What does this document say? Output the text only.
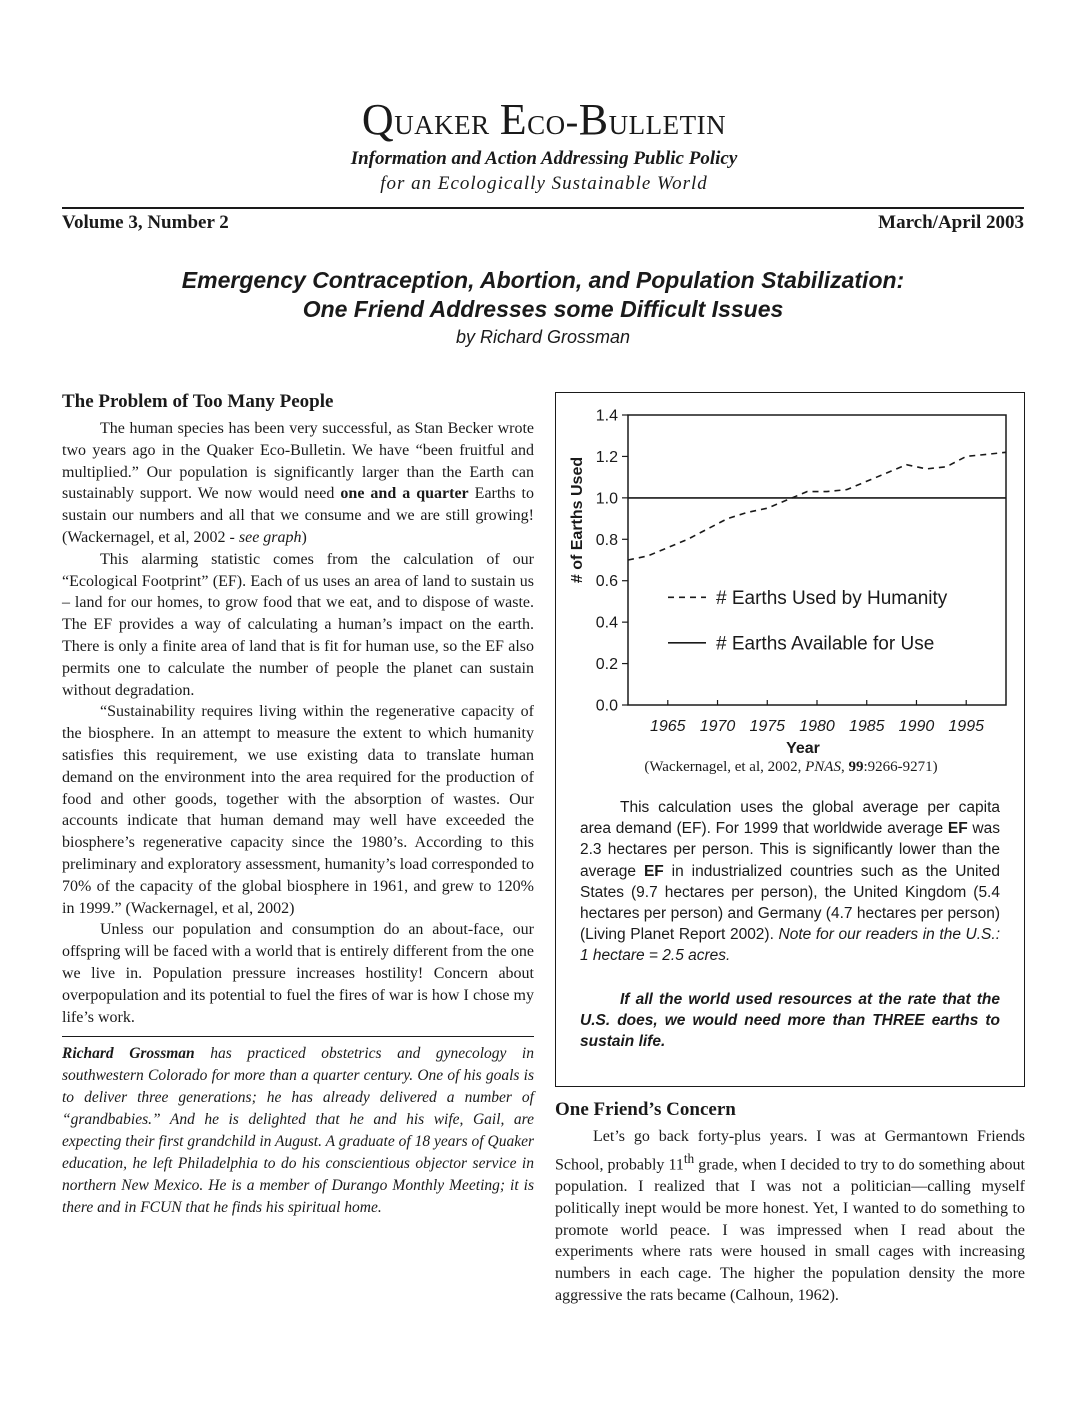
Quaker Eco-Bulletin
Information and Action Addressing Public Policy
for an Ecologically Sustainable World
Volume 3, Number 2	March/April 2003
Emergency Contraception, Abortion, and Population Stabilization:
One Friend Addresses some Difficult Issues
by Richard Grossman
The Problem of Too Many People

The human species has been very successful, as Stan Becker wrote two years ago in the Quaker Eco-Bulletin. We have “been fruitful and multiplied.” Our population is significantly larger than the Earth can sustainably support. We now would need one and a quarter Earths to sustain our numbers and all that we consume and we are still growing! (Wackernagel, et al, 2002 - see graph)

This alarming statistic comes from the calculation of our “Ecological Footprint” (EF). Each of us uses an area of land to sustain us – land for our homes, to grow food that we eat, and to dispose of waste. The EF provides a way of calculating a human’s impact on the earth. There is only a finite area of land that is fit for human use, so the EF also permits one to calculate the number of people the planet can sustain without degradation.

“Sustainability requires living within the regenerative capacity of the biosphere. In an attempt to measure the extent to which humanity satisfies this requirement, we use existing data to translate human demand on the environment into the area required for the production of food and other goods, together with the absorption of wastes. Our accounts indicate that human demand may well have exceeded the biosphere’s regenerative capacity since the 1980’s. According to this preliminary and exploratory assessment, humanity’s load corresponded to 70% of the capacity of the global biosphere in 1961, and grew to 120% in 1999.” (Wackernagel, et al, 2002)

Unless our population and consumption do an about-face, our offspring will be faced with a world that is entirely different from the one we live in. Population pressure increases hostility! Concern about overpopulation and its potential to fuel the fires of war is how I chose my life’s work.

Richard Grossman has practiced obstetrics and gynecology in southwestern Colorado for more than a quarter century. One of his goals is to deliver three generations; he has already delivered a number of “grandbabies.” And he is delighted that he and his wife, Gail, are expecting their first grandchild in August. A graduate of 18 years of Quaker education, he left Philadelphia to do his conscientious objector service in northern New Mexico. He is a member of Durango Monthly Meeting; it is there and in FCUN that he finds his spiritual home.

0.0
0.2
0.4
0.6
0.8
1.0
1.2
1.4
1965 1970 1975 1980 1985 1990 1995
Year
# of Earths Used
# Earths Used by Humanity
# Earths Available for Use
(Wackernagel, et al, 2002, PNAS, 99:9266-9271)

This calculation uses the global average per capita area demand (EF). For 1999 that worldwide average EF was 2.3 hectares per person. This is significantly lower than the average EF in industrialized countries such as the United States (9.7 hectares per person), the United Kingdom (5.4 hectares per person) and Germany (4.7 hectares per person) (Living Planet Report 2002). Note for our readers in the U.S.: 1 hectare = 2.5 acres.

If all the world used resources at the rate that the U.S. does, we would need more than THREE earths to sustain life.

One Friend’s Concern

Let’s go back forty-plus years. I was at Germantown Friends School, probably 11th grade, when I decided to try to do something about population. I realized that I was not a politician—calling myself politically inept would be more honest. Yet, I wanted to do something to promote world peace. I was impressed when I read about the experiments where rats were housed in small cages with increasing numbers in each cage. The higher the population density the more aggressive the rats became (Calhoun, 1962).
